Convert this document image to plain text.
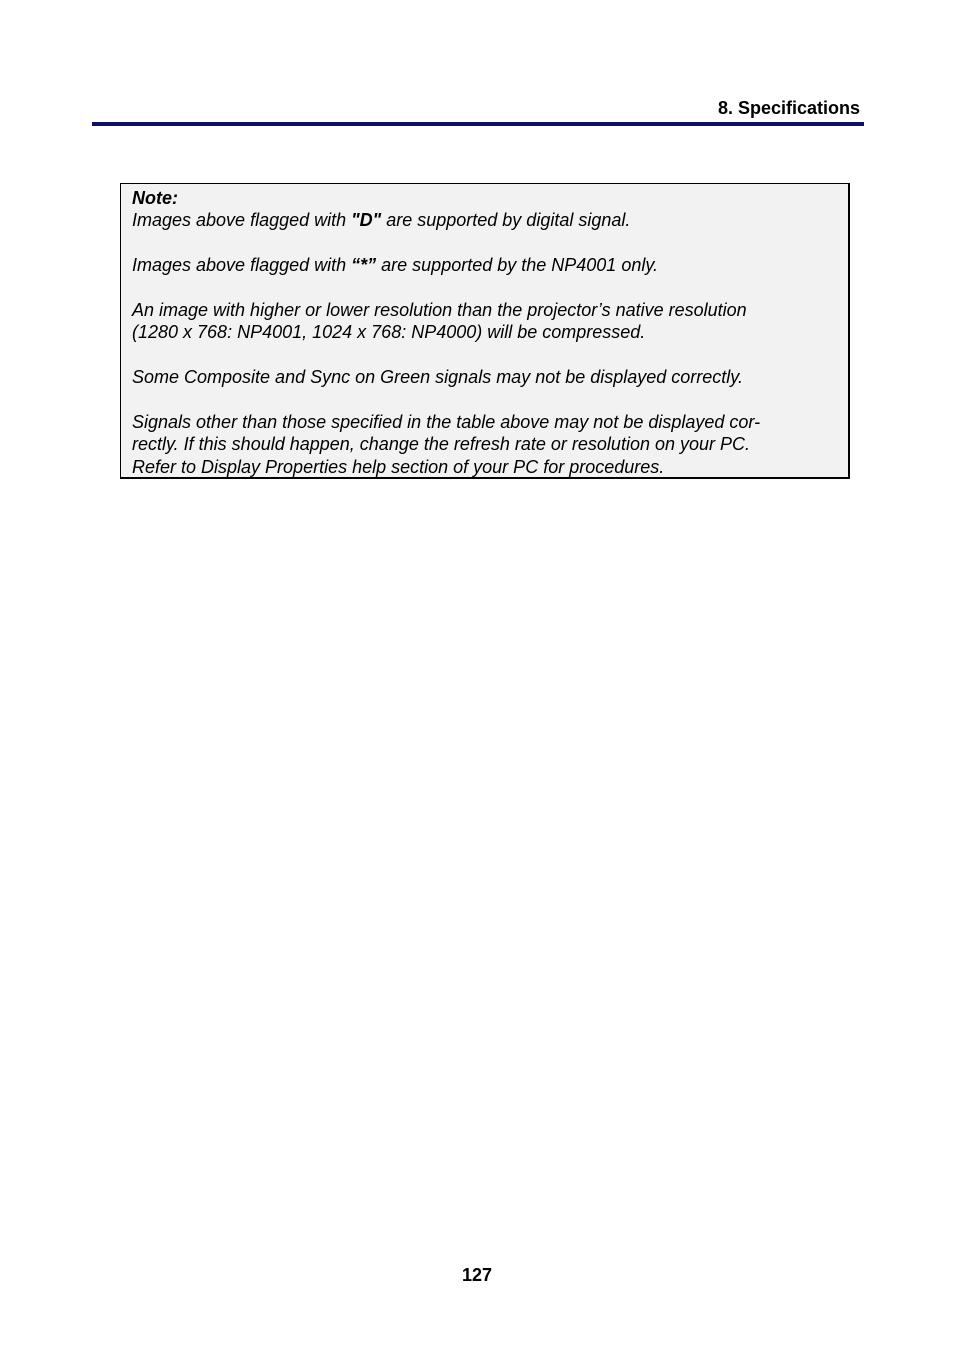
8. Specifications
Note:

Images above flagged with "D" are supported by digital signal.

Images above flagged with “*” are supported by the NP4001 only.

An image with higher or lower resolution than the projector’s native resolution
(1280 x 768: NP4001, 1024 x 768: NP4000) will be compressed.

Some Composite and Sync on Green signals may not be displayed correctly.

Signals other than those specified in the table above may not be displayed cor-
rectly. If this should happen, change the refresh rate or resolution on your PC.
Refer to Display Properties help section of your PC for procedures.

127
